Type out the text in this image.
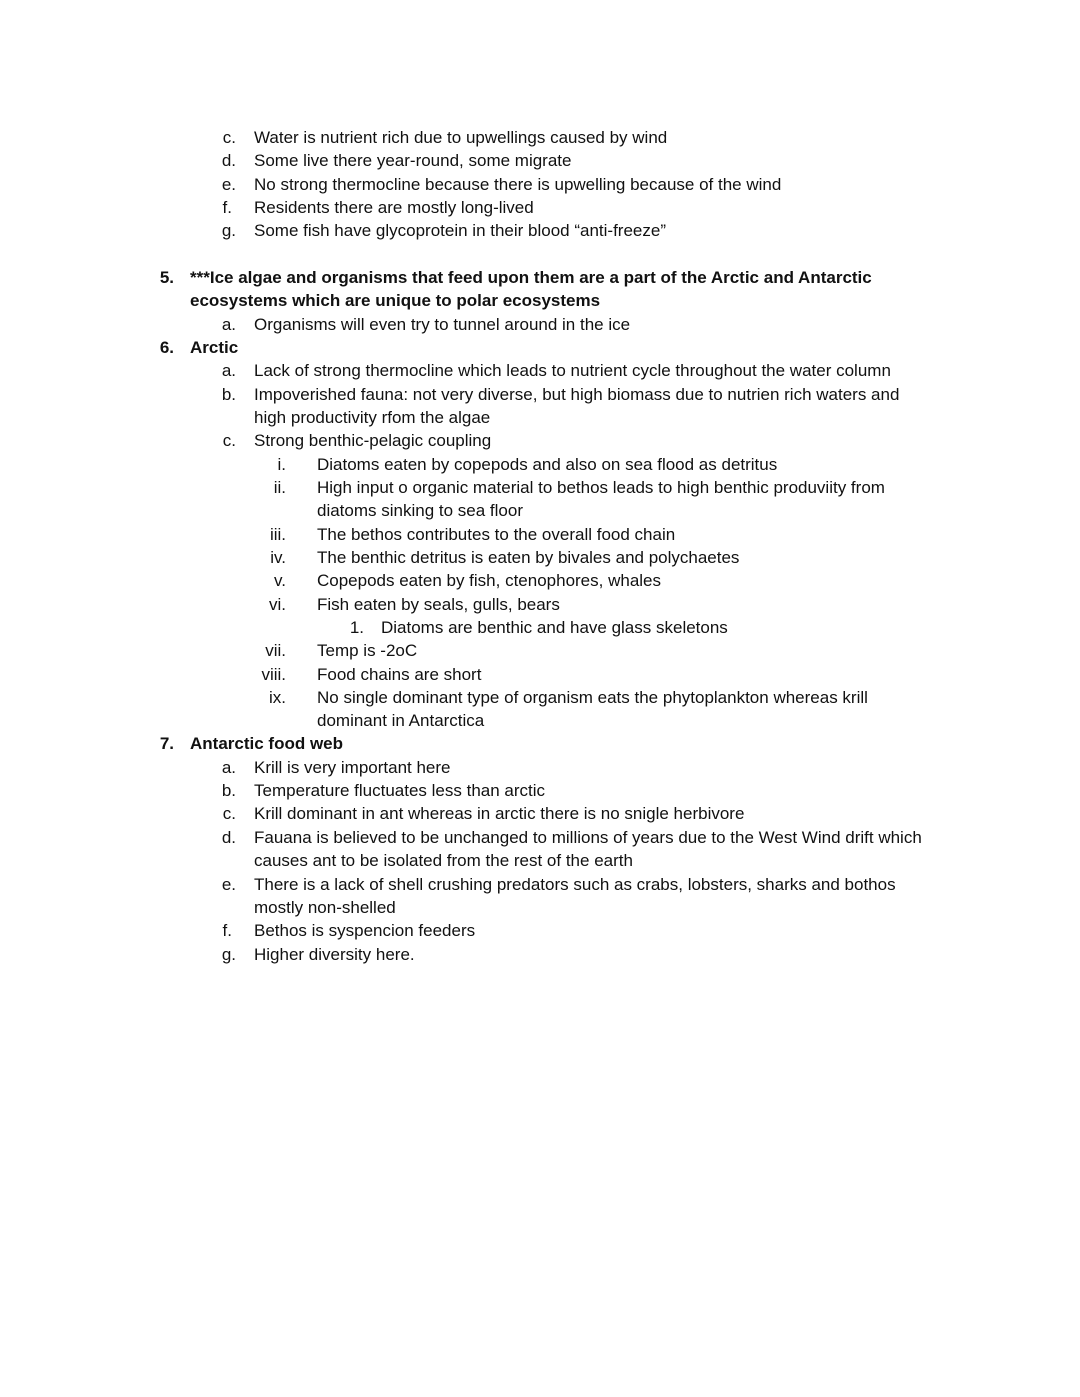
c. Water is nutrient rich due to upwellings caused by wind
d. Some live there year-round, some migrate
e. No strong thermocline because there is upwelling because of the wind
f. Residents there are mostly long-lived
g. Some fish have glycoprotein in their blood “anti-freeze”
5. ***Ice algae and organisms that feed upon them are a part of the Arctic and Antarctic
ecosystems which are unique to polar ecosystems
a. Organisms will even try to tunnel around in the ice
6. Arctic
a. Lack of strong thermocline which leads to nutrient cycle throughout the water column
b. Impoverished fauna: not very diverse, but high biomass due to nutrien rich waters and
high productivity rfom the algae
c. Strong benthic-pelagic coupling
i. Diatoms eaten by copepods and also on sea flood as detritus
ii. High input o organic material to bethos leads to high benthic produviity from
diatoms sinking to sea floor
iii. The bethos contributes to the overall food chain
iv. The benthic detritus is eaten by bivales and polychaetes
v. Copepods eaten by fish, ctenophores, whales
vi. Fish eaten by seals, gulls, bears
1. Diatoms are benthic and have glass skeletons
vii. Temp is -2oC
viii. Food chains are short
ix. No single dominant type of organism eats the phytoplankton whereas krill
dominant in Antarctica
7. Antarctic food web
a. Krill is very important here
b. Temperature fluctuates less than arctic
c. Krill dominant in ant whereas in arctic there is no snigle herbivore
d. Fauana is believed to be unchanged to millions of years due to the West Wind drift which
causes ant to be isolated from the rest of the earth
e. There is a lack of shell crushing predators such as crabs, lobsters, sharks and bothos
mostly non-shelled
f. Bethos is syspencion feeders
g. Higher diversity here.
